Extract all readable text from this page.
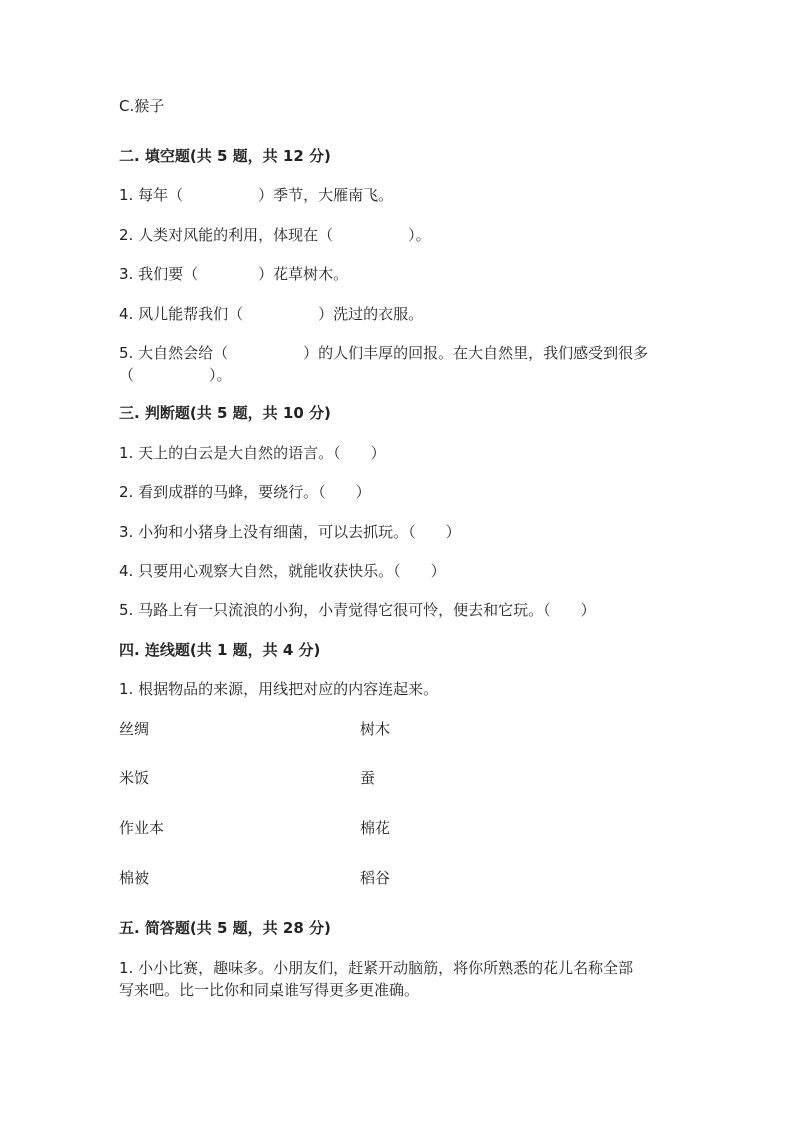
C.猴子
二. 填空题(共 5 题，共 12 分)
1. 每年（　　　　　）季节，大雁南飞。
2. 人类对风能的利用，体现在（　　　　　）。
3. 我们要（　　　　）花草树木。
4. 风儿能帮我们（　　　　　）洗过的衣服。
5. 大自然会给（　　　　　）的人们丰厚的回报。在大自然里，我们感受到很多
（　　　　　）。
三. 判断题(共 5 题，共 10 分)
1. 天上的白云是大自然的语言。（　　）
2. 看到成群的马蜂，要绕行。（　　）
3. 小狗和小猪身上没有细菌，可以去抓玩。（　　）
4. 只要用心观察大自然，就能收获快乐。（　　）
5. 马路上有一只流浪的小狗，小青觉得它很可怜，便去和它玩。（　　）
四. 连线题(共 1 题，共 4 分)
1. 根据物品的来源，用线把对应的内容连起来。
丝绸	树木
米饭	蚕
作业本	棉花
棉被	稻谷
五. 简答题(共 5 题，共 28 分)
1. 小小比赛，趣味多。小朋友们，赶紧开动脑筋，将你所熟悉的花儿名称全部
写来吧。比一比你和同桌谁写得更多更准确。
